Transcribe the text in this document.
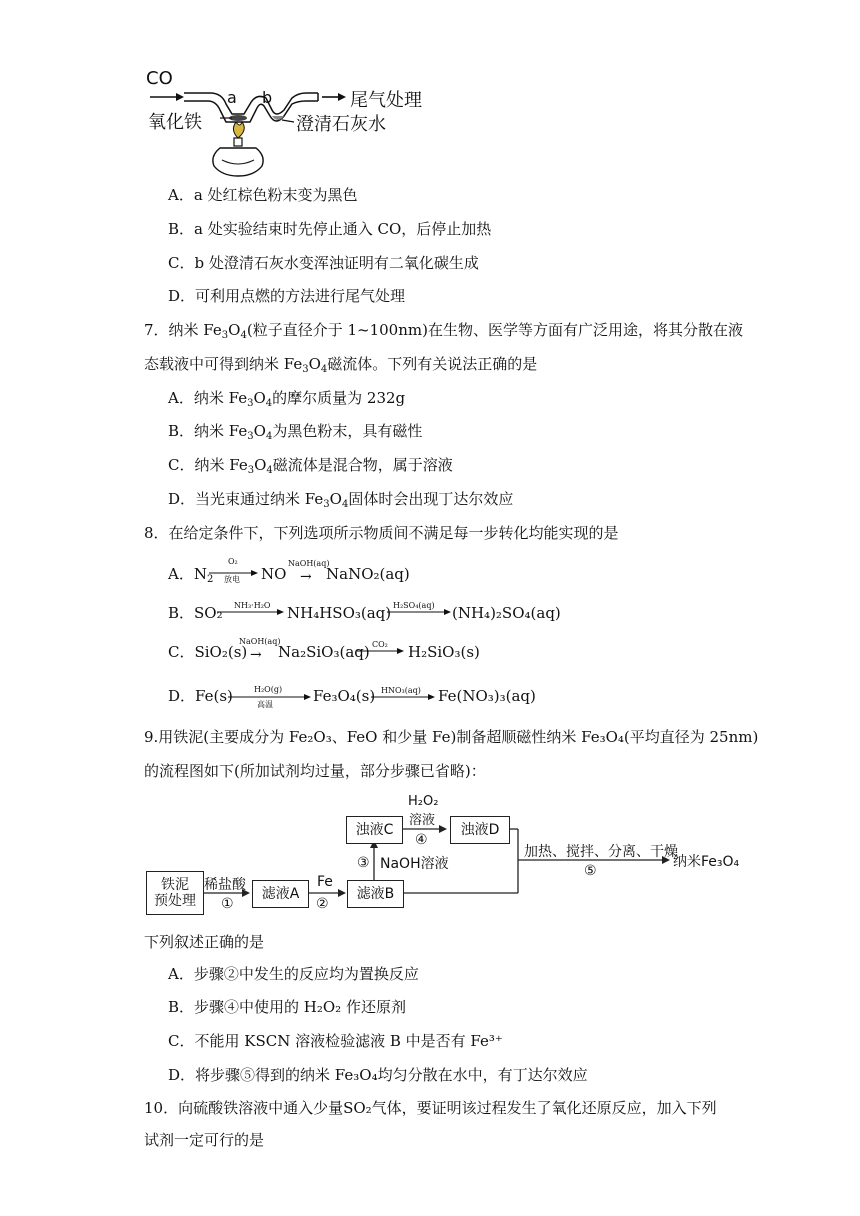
CO
a b	尾气处理
氧化铁	澄清石灰水
A．a 处红棕色粉末变为黑色
B．a 处实验结束时先停止通入 CO，后停止加热
C．b 处澄清石灰水变浑浊证明有二氧化碳生成
D．可利用点燃的方法进行尾气处理
7．纳米 $Fe_3O_4$(粒子直径介于 1~100nm)在生物、医学等方面有广泛用途，将其分散在液
态载液中可得到纳米 $Fe_3O_4$磁流体。下列有关说法正确的是
A．纳米 $Fe_3O_4$的摩尔质量为 232g
B．纳米 $Fe_3O_4$为黑色粉末，具有磁性
C．纳米 $Fe_3O_4$磁流体是混合物，属于溶液
D．当光束通过纳米 $Fe_3O_4$固体时会出现丁达尔效应
8．在给定条件下，下列选项所示物质间不满足每一步转化均能实现的是
A．$N_2$
O₂
放电 NO
NaOH(aq)
→ NaNO₂(aq)
B．SO₂ NH₃·H₂O NH₄HSO₃(aq) H₂SO₄(aq) (NH₄)₂SO₄(aq)
C．SiO₂(s)
NaOH(aq)
→ Na₂SiO₃(aq) CO₂ H₂SiO₃(s)
D．Fe(s)	H₂O(g)
高温	Fe₃O₄(s) HNO₃(aq) Fe(NO₃)₃(aq)
9.用铁泥(主要成分为 Fe₂O₃、FeO 和少量 Fe)制备超顺磁性纳米 Fe₃O₄(平均直径为 25nm)
的流程图如下(所加试剂均过量，部分步骤已省略)：
铁泥
预处理	滤液A	滤液B
浊液C	浊液D
稀盐酸
①
Fe
②
③ NaOH溶液
H₂O₂
溶液
④
加热、搅拌、分离、干燥
⑤
纳米Fe₃O₄
下列叙述正确的是
A．步骤②中发生的反应均为置换反应
B．步骤④中使用的 H₂O₂ 作还原剂
C．不能用 KSCN 溶液检验滤液 B 中是否有 Fe³⁺
D．将步骤⑤得到的纳米 Fe₃O₄均匀分散在水中，有丁达尔效应
10．向硫酸铁溶液中通入少量SO₂气体，要证明该过程发生了氧化还原反应，加入下列
试剂一定可行的是
